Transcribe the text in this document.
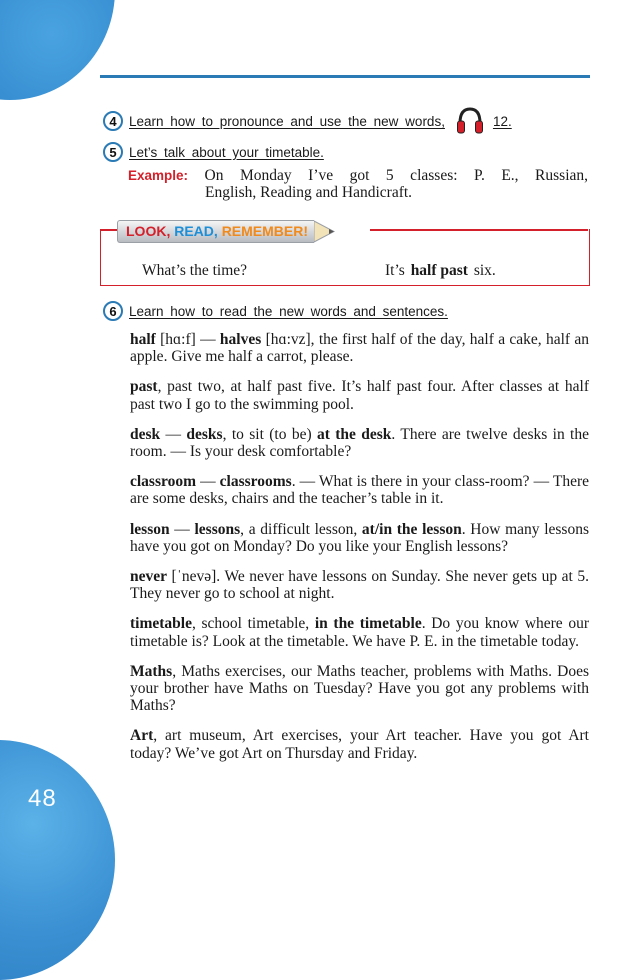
48
4 Learn how to pronounce and use the new words,	12.
5 Let’s talk about your timetable.
Example: On Monday I’ve got 5 classes: P. E., Russian,
English, Reading and Handicraft.
LOOK,
READ,
REMEMBER!
What’s the time?	It’s half past six.
6 Learn how to read the new words and sentences.

half [hɑ:f] — halves [hɑ:vz], the first half of the day, half a cake, half an apple. Give me half a carrot, please.

past, past two, at half past five. It’s half past four. After classes at half past two I go to the swimming pool.

desk — desks, to sit (to be) at the desk. There are twelve desks in the room. — Is your desk comfortable?

classroom — classrooms. — What is there in your class-room? — There are some desks, chairs and the teacher’s table in it.

lesson — lessons, a difficult lesson, at/in the lesson. How many lessons have you got on Monday? Do you like your English lessons?

never [ˈnevə]. We never have lessons on Sunday. She never gets up at 5. They never go to school at night.

timetable, school timetable, in the timetable. Do you know where our timetable is? Look at the timetable. We have P. E. in the timetable today.

Maths, Maths exercises, our Maths teacher, problems with Maths. Does your brother have Maths on Tuesday? Have you got any problems with Maths?

Art, art museum, Art exercises, your Art teacher. Have you got Art today? We’ve got Art on Thursday and Friday.
